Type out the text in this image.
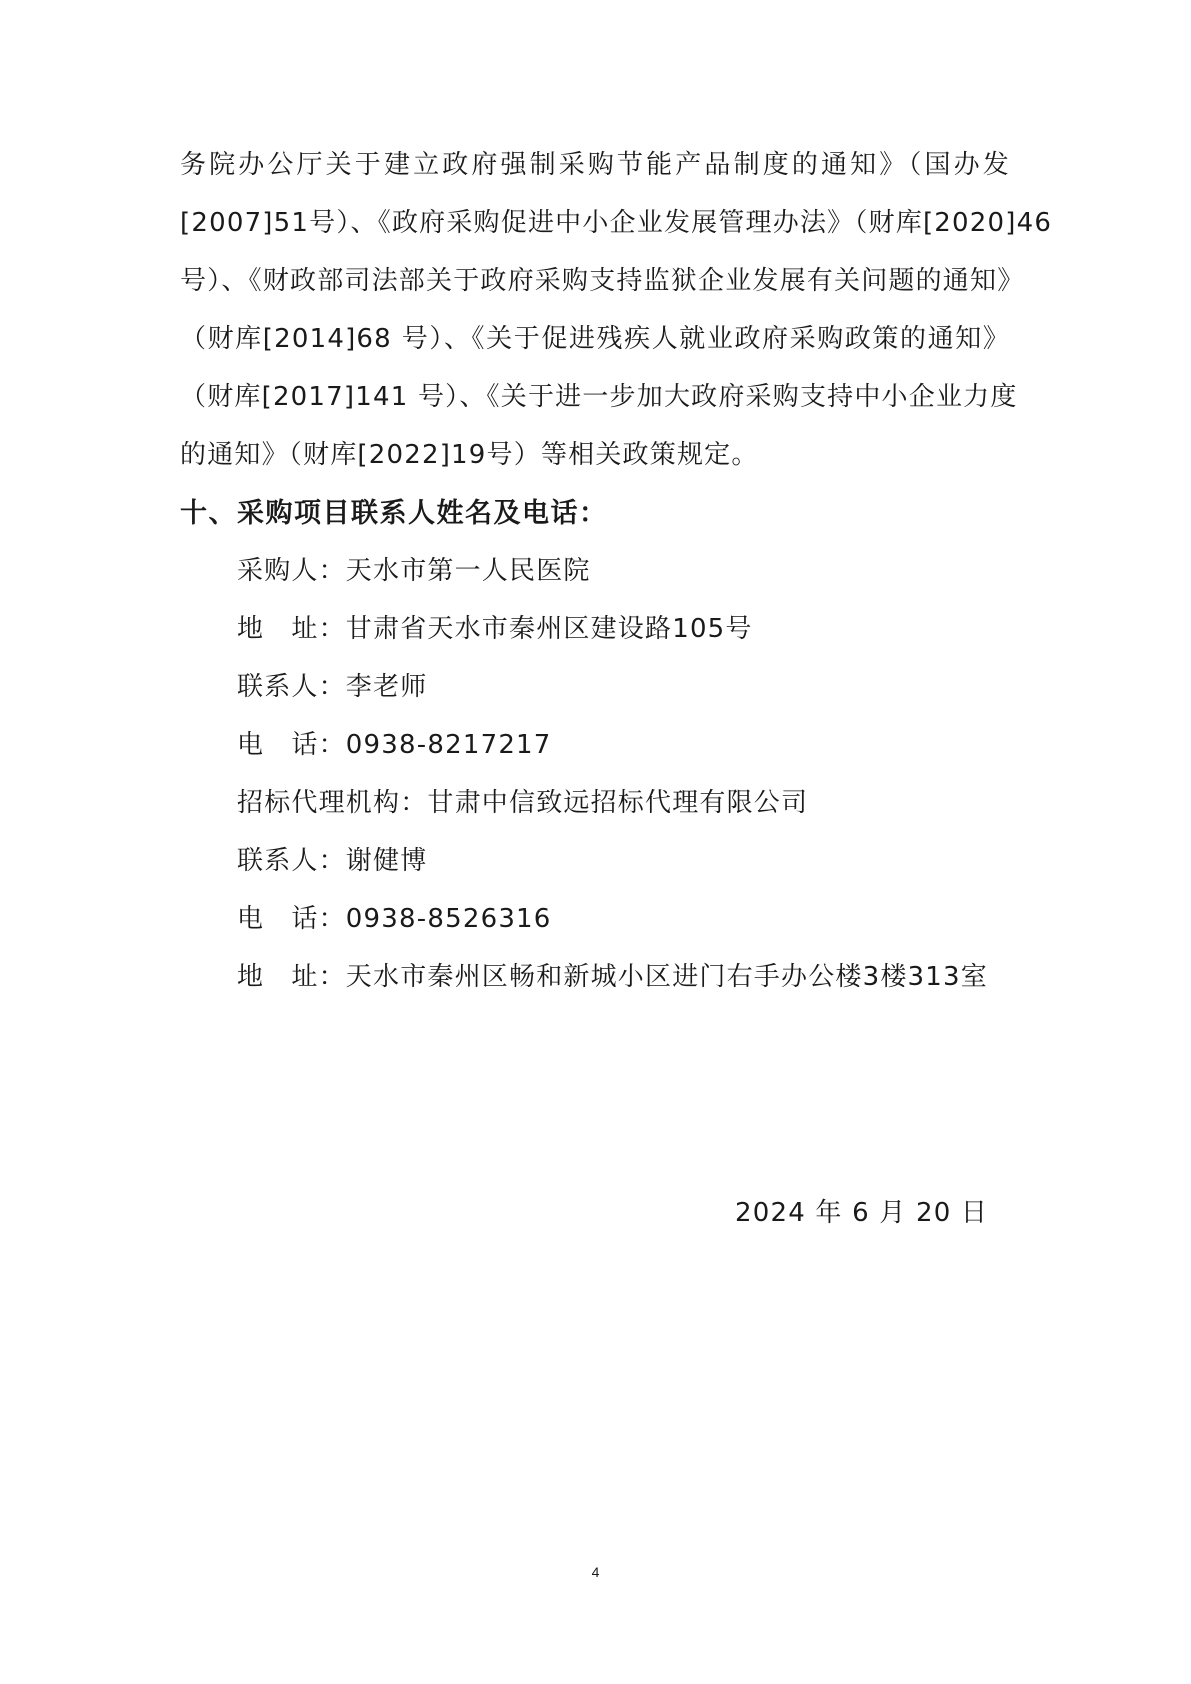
务院办公厅关于建立政府强制采购节能产品制度的通知》（国办发
[2007]51号）、《政府采购促进中小企业发展管理办法》（财库[2020]46
号）、《财政部司法部关于政府采购支持监狱企业发展有关问题的通知》
（财库[2014]68 号）、《关于促进残疾人就业政府采购政策的通知》
（财库[2017]141 号）、《关于进一步加大政府采购支持中小企业力度
的通知》（财库[2022]19号）等相关政策规定。
十、采购项目联系人姓名及电话：
采购人：天水市第一人民医院
地　址：甘肃省天水市秦州区建设路105号
联系人：李老师
电　话：0938-8217217
招标代理机构：甘肃中信致远招标代理有限公司
联系人：谢健博
电　话：0938-8526316
地　址：天水市秦州区畅和新城小区进门右手办公楼3楼313室
2024 年 6 月 20 日
4
